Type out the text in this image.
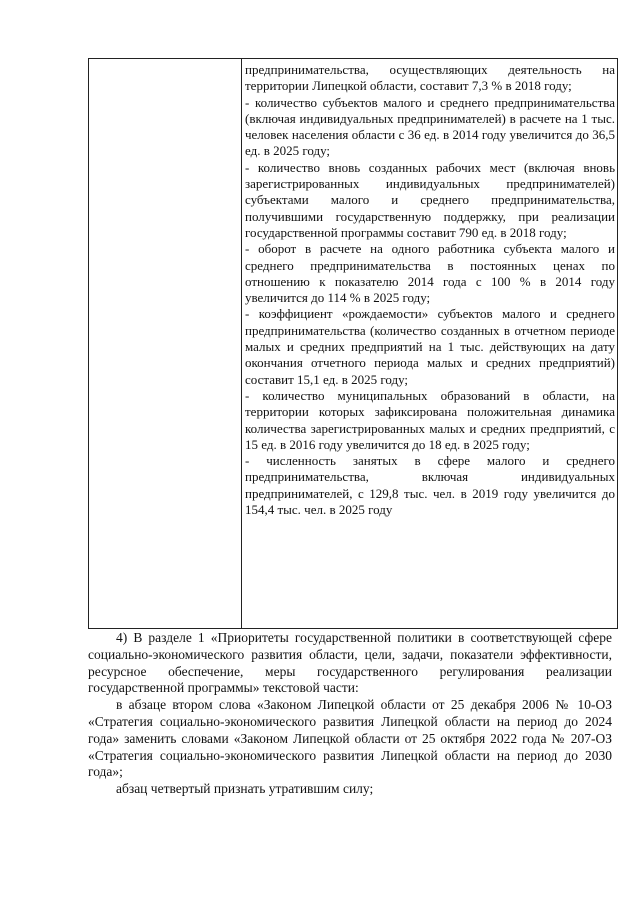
предпринимательства, осуществляющих деятельность на территории Липецкой области, составит 7,3 % в 2018 году;

- количество субъектов малого и среднего предпринимательства (включая индивидуальных предпринимателей) в расчете на 1 тыс. человек населения области с 36 ед. в 2014 году увеличится до 36,5 ед. в 2025 году;

- количество вновь созданных рабочих мест (включая вновь зарегистрированных индивидуальных предпринимателей) субъектами малого и среднего предпринимательства, получившими государственную поддержку, при реализации государственной программы составит 790 ед. в 2018 году;

- оборот в расчете на одного работника субъекта малого и среднего предпринимательства в постоянных ценах по отношению к показателю 2014 года с 100 % в 2014 году увеличится до 114 % в 2025 году;

- коэффициент «рождаемости» субъектов малого и среднего предпринимательства (количество созданных в отчетном периоде малых и средних предприятий на 1 тыс. действующих на дату окончания отчетного периода малых и средних предприятий) составит 15,1 ед. в 2025 году;

- количество муниципальных образований в области, на территории которых зафиксирована положительная динамика количества зарегистрированных малых и средних предприятий, с 15 ед. в 2016 году увеличится до 18 ед. в 2025 году;

- численность занятых в сфере малого и среднего предпринимательства, включая индивидуальных предпринимателей, с 129,8 тыс. чел. в 2019 году увеличится до 154,4 тыс. чел. в 2025 году

4) В разделе 1 «Приоритеты государственной политики в соответствующей сфере социально-экономического развития области, цели, задачи, показатели эффективности, ресурсное обеспечение, меры государственного регулирования реализации государственной программы» текстовой части:

в абзаце втором слова «Законом Липецкой области от 25 декабря 2006 № 10-ОЗ «Стратегия социально-экономического развития Липецкой области на период до 2024 года» заменить словами «Законом Липецкой области от 25 октября 2022 года № 207-ОЗ «Стратегия социально-экономического развития Липецкой области на период до 2030 года»;

абзац четвертый признать утратившим силу;
